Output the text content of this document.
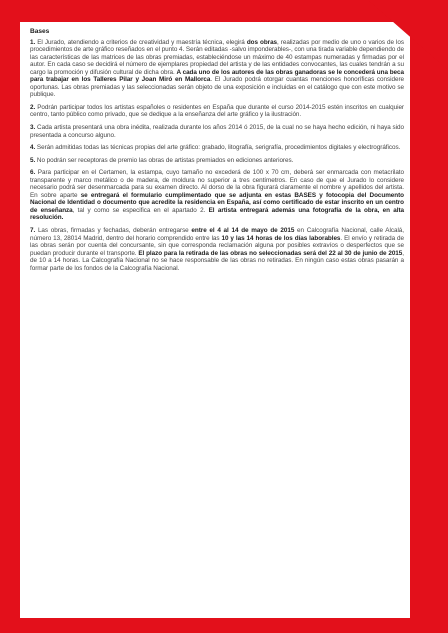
Bases

1. El Jurado, atendiendo a criterios de creatividad y maestría técnica, elegirá dos obras, realizadas por medio de uno o varios de los procedimientos de arte gráfico reseñados en el punto 4. Serán editadas -salvo imponderables-, con una tirada variable dependiendo de las características de las matrices de las obras premiadas, estableciéndose un máximo de 40 estampas numeradas y firmadas por el autor. En cada caso se decidirá el número de ejemplares propiedad del artista y de las entidades convocantes, las cuales tendrán a su cargo la promoción y difusión cultural de dicha obra. A cada uno de los autores de las obras ganadoras se le concederá una beca para trabajar en los Talleres Pilar y Joan Miró en Mallorca. El Jurado podrá otorgar cuantas menciones honoríficas considere oportunas. Las obras premiadas y las seleccionadas serán objeto de una exposición e incluidas en el catálogo que con este motivo se publique.

2. Podrán participar todos los artistas españoles o residentes en España que durante el curso 2014-2015 estén inscritos en cualquier centro, tanto público como privado, que se dedique a la enseñanza del arte gráfico y la ilustración.

3. Cada artista presentará una obra inédita, realizada durante los años 2014 ó 2015, de la cual no se haya hecho edición, ni haya sido presentada a concurso alguno.

4. Serán admitidas todas las técnicas propias del arte gráfico: grabado, litografía, serigrafía, procedimientos digitales y electrográficos.

5. No podrán ser receptoras de premio las obras de artistas premiados en ediciones anteriores.

6. Para participar en el Certamen, la estampa, cuyo tamaño no excederá de 100 x 70 cm, deberá ser enmarcada con metacrilato transparente y marco metálico o de madera, de moldura no superior a tres centímetros. En caso de que el Jurado lo considere necesario podrá ser desenmarcada para su examen directo. Al dorso de la obra figurará claramente el nombre y apellidos del artista. En sobre aparte se entregará el formulario cumplimentado que se adjunta en estas BASES y fotocopia del Documento Nacional de Identidad o documento que acredite la residencia en España, así como certificado de estar inscrito en un centro de enseñanza, tal y como se especifica en el apartado 2. El artista entregará además una fotografía de la obra, en alta resolución.

7. Las obras, firmadas y fechadas, deberán entregarse entre el 4 al 14 de mayo de 2015 en Calcografía Nacional, calle Alcalá, número 13, 28014 Madrid, dentro del horario comprendido entre las 10 y las 14 horas de los días laborables. El envío y retirada de las obras serán por cuenta del concursante, sin que corresponda reclamación alguna por posibles extravíos o desperfectos que se puedan producir durante el transporte. El plazo para la retirada de las obras no seleccionadas será del 22 al 30 de junio de 2015, de 10 a 14 horas. La Calcografía Nacional no se hace responsable de las obras no retiradas. En ningún caso estas obras pasarán a formar parte de los fondos de la Calcografía Nacional.
